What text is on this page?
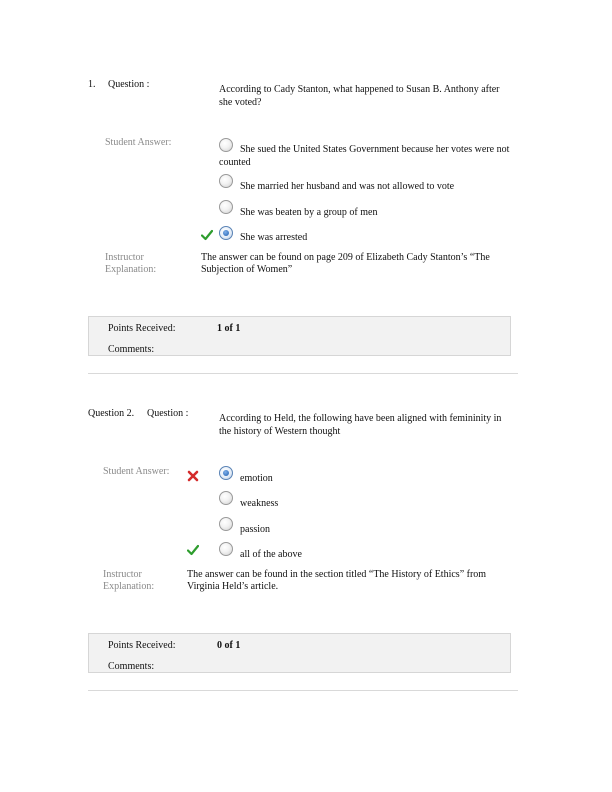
1. Question :	According to Cady Stanton, what happened to Susan B. Anthony after
she voted?
Student Answer:
She sued the United States Government because her votes were not
counted
She married her husband and was not allowed to vote
She was beaten by a group of men
She was arrested
Instructor
Explanation:
The answer can be found on page 209 of Elizabeth Cady Stanton’s “The
Subjection of Women”
Points Received:	1 of 1
Comments:
Question 2. Question :	According to Held, the following have been aligned with femininity in
the history of Western thought
Student Answer:
emotion
weakness
passion
all of the above
Instructor
Explanation:
The answer can be found in the section titled “The History of Ethics” from
Virginia Held’s article.
Points Received:	0 of 1
Comments:
